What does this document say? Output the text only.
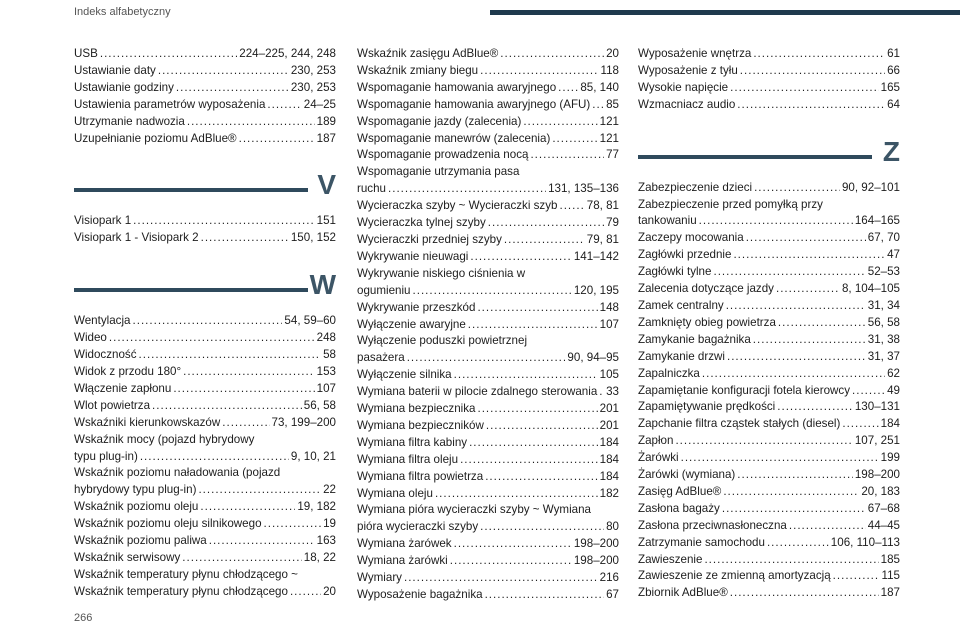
Indeks alfabetyczny
USB .....	224–225, 244, 248
Ustawianie daty .....	230, 253
Ustawianie godziny .....	230, 253
Ustawienia parametrów wyposażenia .....	24–25
Utrzymanie nadwozia .....	189
Uzupełnianie poziomu AdBlue® .....	187
V
Visiopark 1 .....	151
Visiopark 1 - Visiopark 2 .....	150, 152
W
Wentylacja .....	54, 59–60
Wideo .....	248
Widoczność .....	58
Widok z przodu 180° .....	153
Włączenie zapłonu .....	107
Wlot powietrza .....	56, 58
Wskaźniki kierunkowskazów .....	73, 199–200
Wskaźnik mocy (pojazd hybrydowy
typu plug-in) .....	9, 10, 21
Wskaźnik poziomu naładowania (pojazd
hybrydowy typu plug-in) .....	22
Wskaźnik poziomu oleju .....	19, 182
Wskaźnik poziomu oleju silnikowego .....	19
Wskaźnik poziomu paliwa .....	163
Wskaźnik serwisowy .....	18, 22
Wskaźnik temperatury płynu chłodzącego ~
Wskaźnik temperatury płynu chłodzącego .....	20
Wskaźnik zasięgu AdBlue® .....	20
Wskaźnik zmiany biegu .....	118
Wspomaganie hamowania awaryjnego ..... 85, 140
Wspomaganie hamowania awaryjnego (AFU) ..... 85
Wspomaganie jazdy (zalecenia) .....	121
Wspomaganie manewrów (zalecenia) .....	121
Wspomaganie prowadzenia nocą .....	77
Wspomaganie utrzymania pasa
ruchu .....	131, 135–136
Wycieraczka szyby ~ Wycieraczki szyb .....	78, 81
Wycieraczka tylnej szyby .....	79
Wycieraczki przedniej szyby .....	79, 81
Wykrywanie nieuwagi .....	141–142
Wykrywanie niskiego ciśnienia w
ogumieniu .....	120, 195
Wykrywanie przeszkód .....	148
Wyłączenie awaryjne .....	107
Wyłączenie poduszki powietrznej
pasażera .....	90, 94–95
Wyłączenie silnika .....	105
Wymiana baterii w pilocie zdalnego sterowania ..... 33
Wymiana bezpiecznika .....	201
Wymiana bezpieczników .....	201
Wymiana filtra kabiny .....	184
Wymiana filtra oleju .....	184
Wymiana filtra powietrza .....	184
Wymiana oleju .....	182
Wymiana pióra wycieraczki szyby ~ Wymiana
pióra wycieraczki szyby .....	80
Wymiana żarówek .....	198–200
Wymiana żarówki .....	198–200
Wymiary .....	216
Wyposażenie bagażnika .....	67
Wyposażenie wnętrza .....	61
Wyposażenie z tyłu .....	66
Wysokie napięcie .....	165
Wzmacniacz audio .....	64
Z
Zabezpieczenie dzieci .....	90, 92–101
Zabezpieczenie przed pomyłką przy
tankowaniu .....	164–165
Zaczepy mocowania .....	67, 70
Zagłówki przednie .....	47
Zagłówki tylne .....	52–53
Zalecenia dotyczące jazdy .....	8, 104–105
Zamek centralny .....	31, 34
Zamknięty obieg powietrza .....	56, 58
Zamykanie bagażnika .....	31, 38
Zamykanie drzwi .....	31, 37
Zapalniczka .....	62
Zapamiętanie konfiguracji fotela kierowcy .....	49
Zapamiętywanie prędkości .....	130–131
Zapchanie filtra cząstek stałych (diesel) .....	184
Zapłon .....	107, 251
Żarówki .....	199
Żarówki (wymiana) .....	198–200
Zasięg AdBlue® .....	20, 183
Zasłona bagaży .....	67–68
Zasłona przeciwnasłoneczna .....	44–45
Zatrzymanie samochodu .....	106, 110–113
Zawieszenie .....	185
Zawieszenie ze zmienną amortyzacją .....	115
Zbiornik AdBlue® .....	187
266
